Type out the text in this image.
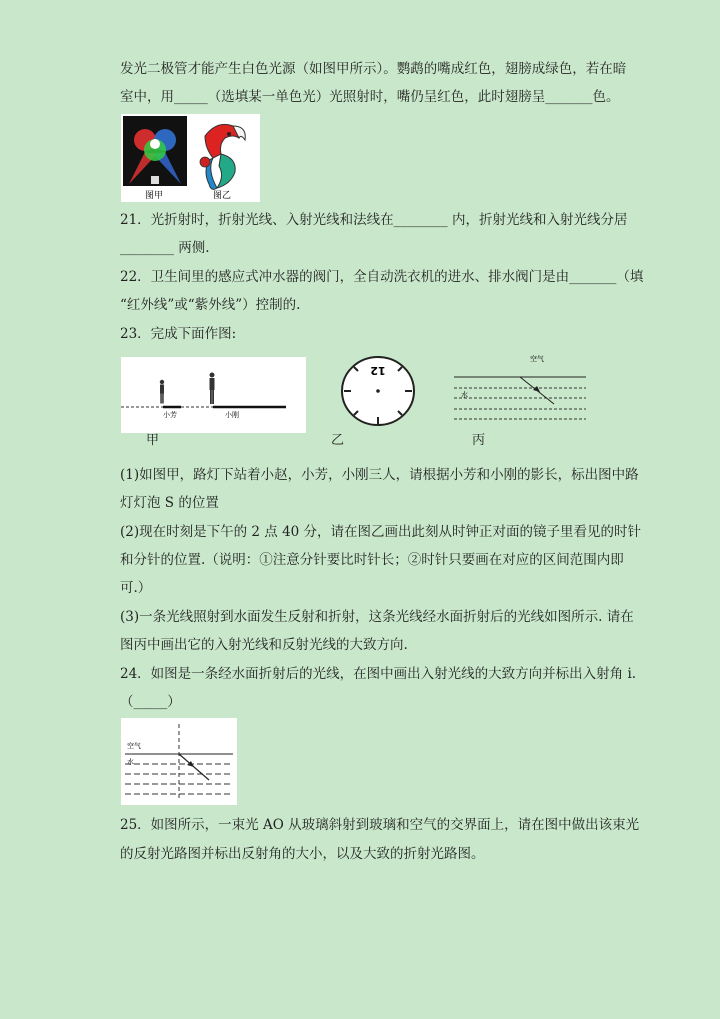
发光二极管才能产生白色光源（如图甲所示）。鹦鹉的嘴成红色，翅膀成绿色，若在暗
室中，用_____（选填某一单色光）光照射时，嘴仍呈红色，此时翅膀呈_______色。
图甲	图乙
21．光折射时，折射光线、入射光线和法线在________ 内，折射光线和入射光线分居
________ 两侧.
22．卫生间里的感应式冲水器的阀门，全自动洗衣机的进水、排水阀门是由_______（填
“红外线”或“紫外线”）控制的.
23．完成下面作图:
小芳	小刚
甲
12
乙
空气
水
丙
(1)如图甲，路灯下站着小赵，小芳，小刚三人，请根据小芳和小刚的影长，标出图中路
灯灯泡 S 的位置
(2)现在时刻是下午的 2 点 40 分，请在图乙画出此刻从时钟正对面的镜子里看见的时针
和分针的位置.（说明：①注意分针要比时针长；②时针只要画在对应的区间范围内即
可.）
(3)一条光线照射到水面发生反射和折射，这条光线经水面折射后的光线如图所示. 请在
图丙中画出它的入射光线和反射光线的大致方向.
24．如图是一条经水面折射后的光线，在图中画出入射光线的大致方向并标出入射角 i.
（_____）
空气
水
25．如图所示，一束光 AO 从玻璃斜射到玻璃和空气的交界面上，请在图中做出该束光
的反射光路图并标出反射角的大小，以及大致的折射光路图。
